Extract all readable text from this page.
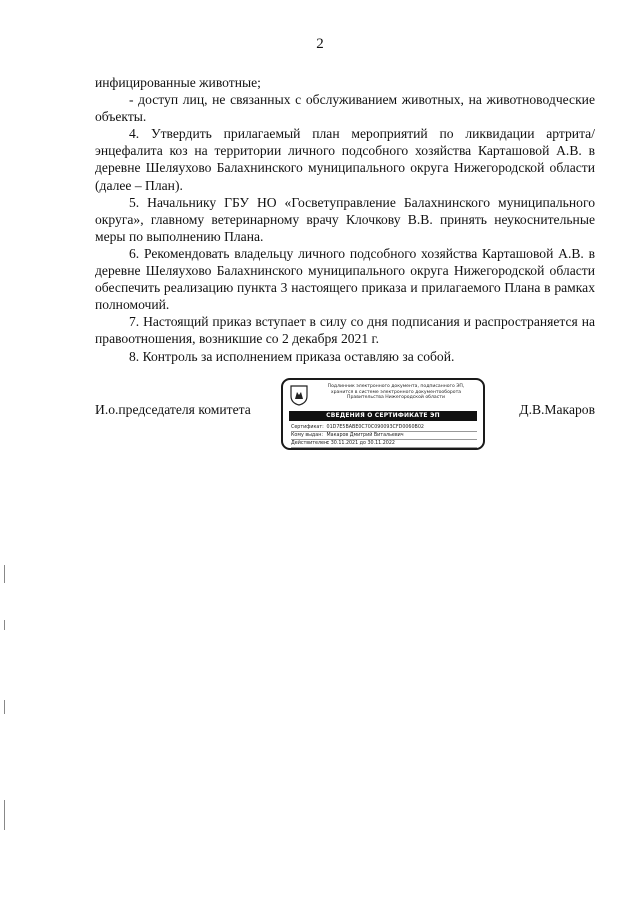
2

инфицированные животные;

- доступ лиц, не связанных с обслуживанием животных, на животноводческие объекты.

4. Утвердить прилагаемый план мероприятий по ликвидации артрита/энцефалита коз на территории личного подсобного хозяйства Карташовой А.В. в деревне Шеляухово Балахнинского муниципального округа Нижегородской области (далее – План).

5. Начальнику ГБУ НО «Госветуправление Балахнинского муниципального округа», главному ветеринарному врачу Клочкову В.В. принять неукоснительные меры по выполнению Плана.

6. Рекомендовать владельцу личного подсобного хозяйства Карташовой А.В. в деревне Шеляухово Балахнинского муниципального округа Нижегородской области обеспечить реализацию пункта 3 настоящего приказа и прилагаемого Плана в рамках полномочий.

7. Настоящий приказ вступает в силу со дня подписания и распространяется на правоотношения, возникшие со 2 декабря 2021 г.

8. Контроль за исполнением приказа оставляю за собой.

И.о.председателя комитета
Подлинник электронного документа, подписанного ЭП,
хранится в системе электронного документооборота
Правительства Нижегородской области
СВЕДЕНИЯ О СЕРТИФИКАТЕ ЭП
Сертификат: 01D7E5BABE0C70C090093CFD0060B02
Кому выдан: Макаров Дмитрий Витальевич
Действителен: с 30.11.2021 до 30.11.2022
Д.В.Макаров
